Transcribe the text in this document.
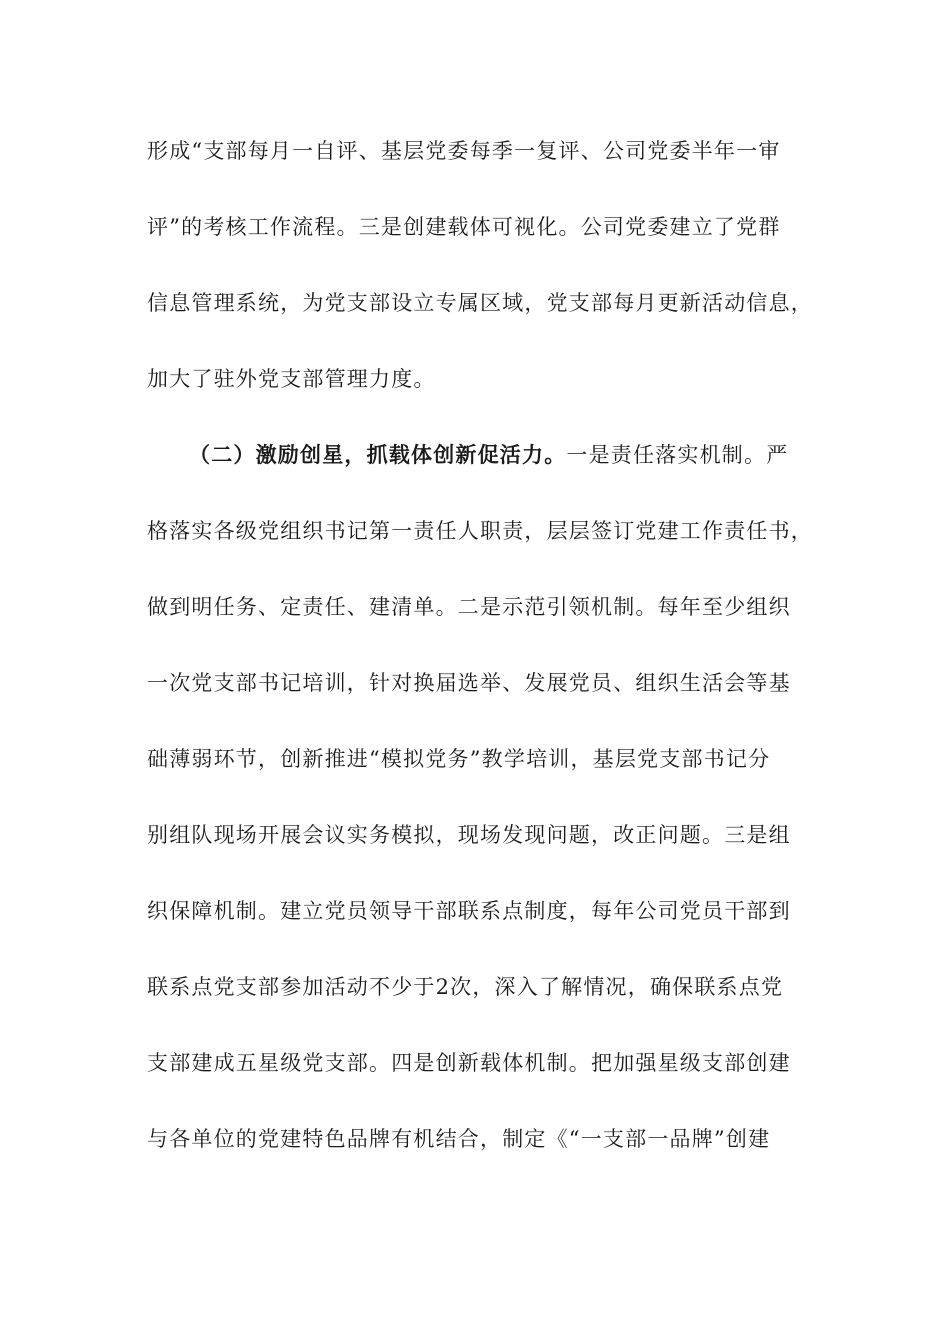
形成“支部每月一自评、基层党委每季一复评、公司党委半年一审
评”的考核工作流程。三是创建载体可视化。公司党委建立了党群
信息管理系统，为党支部设立专属区域，党支部每月更新活动信息，
加大了驻外党支部管理力度。
（二）激励创星，抓载体创新促活力。一是责任落实机制。严
格落实各级党组织书记第一责任人职责，层层签订党建工作责任书，
做到明任务、定责任、建清单。二是示范引领机制。每年至少组织
一次党支部书记培训，针对换届选举、发展党员、组织生活会等基
础薄弱环节，创新推进“模拟党务”教学培训，基层党支部书记分
别组队现场开展会议实务模拟，现场发现问题，改正问题。三是组
织保障机制。建立党员领导干部联系点制度，每年公司党员干部到
联系点党支部参加活动不少于2次，深入了解情况，确保联系点党
支部建成五星级党支部。四是创新载体机制。把加强星级支部创建
与各单位的党建特色品牌有机结合，制定《“一支部一品牌”创建
